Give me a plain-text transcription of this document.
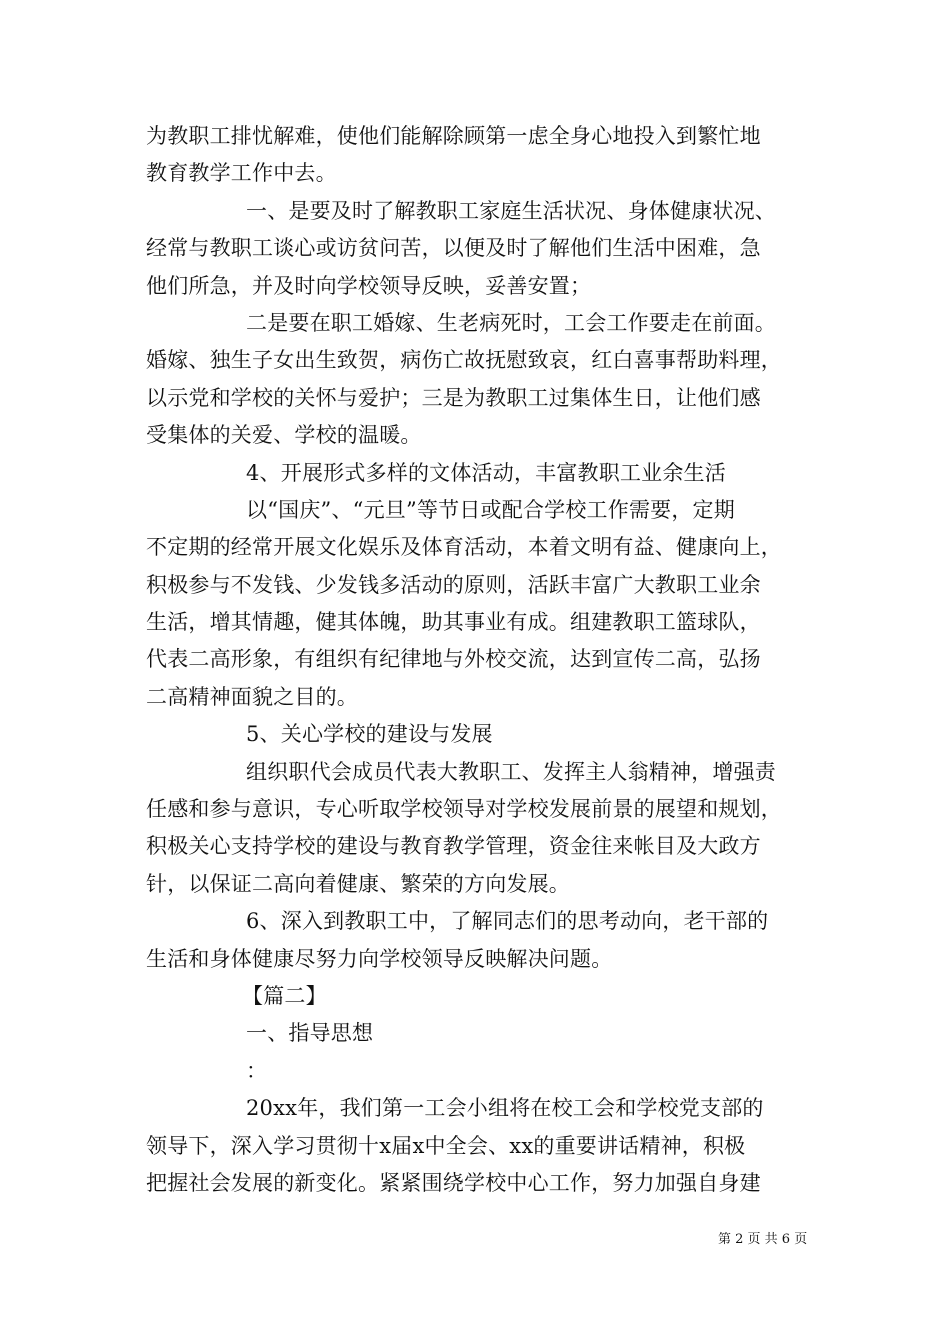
为教职工排忧解难，使他们能解除顾第一虑全身心地投入到繁忙地
教育教学工作中去。
一、是要及时了解教职工家庭生活状况、身体健康状况、
经常与教职工谈心或访贫问苦，以便及时了解他们生活中困难，急
他们所急，并及时向学校领导反映，妥善安置；
二是要在职工婚嫁、生老病死时，工会工作要走在前面。
婚嫁、独生子女出生致贺，病伤亡故抚慰致哀，红白喜事帮助料理，
以示党和学校的关怀与爱护；三是为教职工过集体生日，让他们感
受集体的关爱、学校的温暖。
4、开展形式多样的文体活动，丰富教职工业余生活
以“国庆”、“元旦”等节日或配合学校工作需要，定期
不定期的经常开展文化娱乐及体育活动，本着文明有益、健康向上，
积极参与不发钱、少发钱多活动的原则，活跃丰富广大教职工业余
生活，增其情趣，健其体魄，助其事业有成。组建教职工篮球队，
代表二高形象，有组织有纪律地与外校交流，达到宣传二高，弘扬
二高精神面貌之目的。
5、关心学校的建设与发展
组织职代会成员代表大教职工、发挥主人翁精神，增强责
任感和参与意识，专心听取学校领导对学校发展前景的展望和规划，
积极关心支持学校的建设与教育教学管理，资金往来帐目及大政方
针，以保证二高向着健康、繁荣的方向发展。
6、深入到教职工中，了解同志们的思考动向，老干部的
生活和身体健康尽努力向学校领导反映解决问题。
【篇二】
一、指导思想
：
20xx年，我们第一工会小组将在校工会和学校党支部的
领导下，深入学习贯彻十x届x中全会、xx的重要讲话精神，积极
把握社会发展的新变化。紧紧围绕学校中心工作，努力加强自身建
第 2 页 共 6 页
